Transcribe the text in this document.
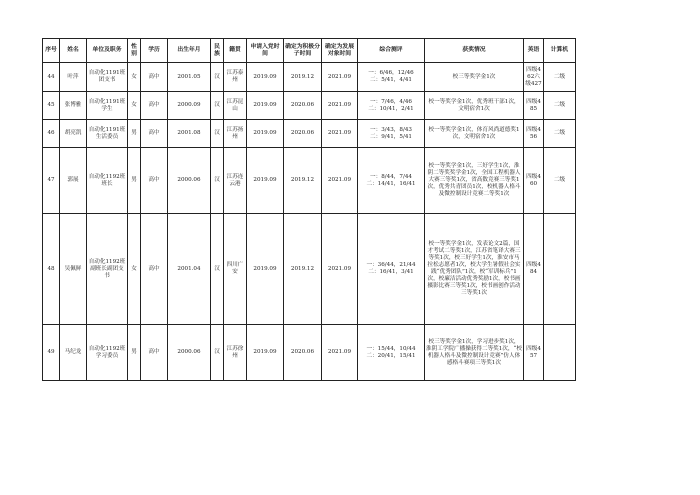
序号	姓名	单位及职务	性别	学历	出生年月	民族	籍贯	申请入党时间	确定为积极分子时间	确定为发展对象时间	综合测评	获奖情况	英语	计算机
44	叶萍	自动化1191班团支书	女	高中	2001.05	汉	江苏泰州	2019.09	2019.12	2021.09	一：6/46，12/46
二：5/41，4/41	校三等奖学金1次	四级462六级427	二级
45	张博雅	自动化1191班学生	女	高中	2000.09	汉	江苏昆山	2019.09	2020.06	2021.09	一：7/46，4/46
二：10/41，2/41	校一等奖学金1次，优秀班干部1次，文明宿舍1次	四级485	二级
46	胡亮凯	自动化1191班生活委员	男	高中	2001.08	汉	江苏扬州	2019.09	2020.06	2021.09	一：3/43，8/43
二：9/41，5/41	校一等奖学金1次，体育风尚道德奖1次，文明宿舍1次	四级456	二级
47	郭展	自动化1192班班长	男	高中	2000.06	汉	江苏连云港	2019.09	2019.12	2021.09	一：8/44，7/44
二：14/41，16/41	校一等奖学金1次，三好学生1次，淮阴二等奖奖学金1次，全国工程机器人大赛三等奖1次，省高数竞赛三等奖1次，优秀共青团员1次，校机器人格斗及微控制设计竞赛二等奖1次	四级460	二级
48	吴佩鲜	自动化1192班副班长副团支书	女	高中	2001.04	汉	四川广安	2019.09	2019.12	2021.09	一：36/44，21/44
二：16/41，3/41	校一等奖学金1次，发表论文2篇，国才考试二等奖1次，江苏省笔译大赛三等奖1次，校三好学生1次，淮安市马拉松志愿者1次，校大学生暑假社会实践“优秀团队”1次，校“军训标兵”1次，校廉洁活动优秀奖励1次，校书画摄影比赛三等奖1次，校书画创作活动三等奖1次	四级484	
49	马纪龙	自动化1192班学习委员	男	高中	2000.06	汉	江苏徐州	2019.09	2020.06	2021.09	一：15/44，10/44
二：20/41，15/41	校三等奖学金1次，学习进步奖1次，淮阴工学院广播操获得二等奖1次，“校机器人格斗及微控制设计竞赛”仿人体感格斗赛项三等奖1次	四级457	
